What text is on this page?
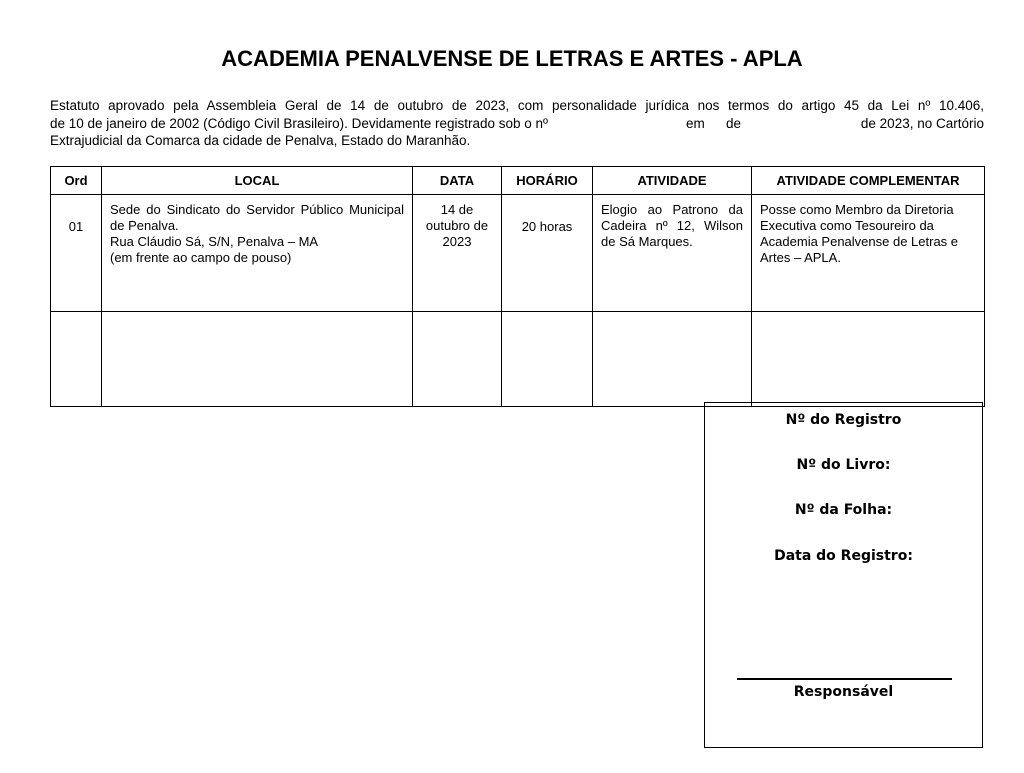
ACADEMIA PENALVENSE DE LETRAS E ARTES - APLA
Estatuto aprovado pela Assembleia Geral de 14 de outubro de 2023, com personalidade jurídica nos termos do artigo 45 da Lei nº 10.406,
de 10 de janeiro de 2002 (Código Civil Brasileiro). Devidamente registrado sob o nº	em de	de 2023, no Cartório
Extrajudicial da Comarca da cidade de Penalva, Estado do Maranhão.
Ord	LOCAL	DATA	HORÁRIO	ATIVIDADE	ATIVIDADE COMPLEMENTAR
01	Sede do Sindicato do Servidor Público Municipal de Penalva.
Rua Cláudio Sá, S/N, Penalva – MA
(em frente ao campo de pouso)	14 de outubro de 2023	20 horas	Elogio ao Patrono da Cadeira nº 12, Wilson de Sá Marques.	Posse como Membro da Diretoria Executiva como Tesoureiro da Academia Penalvense de Letras e Artes – APLA.

Nº do Registro
Nº do Livro:
Nº da Folha:
Data do Registro:
Responsável
